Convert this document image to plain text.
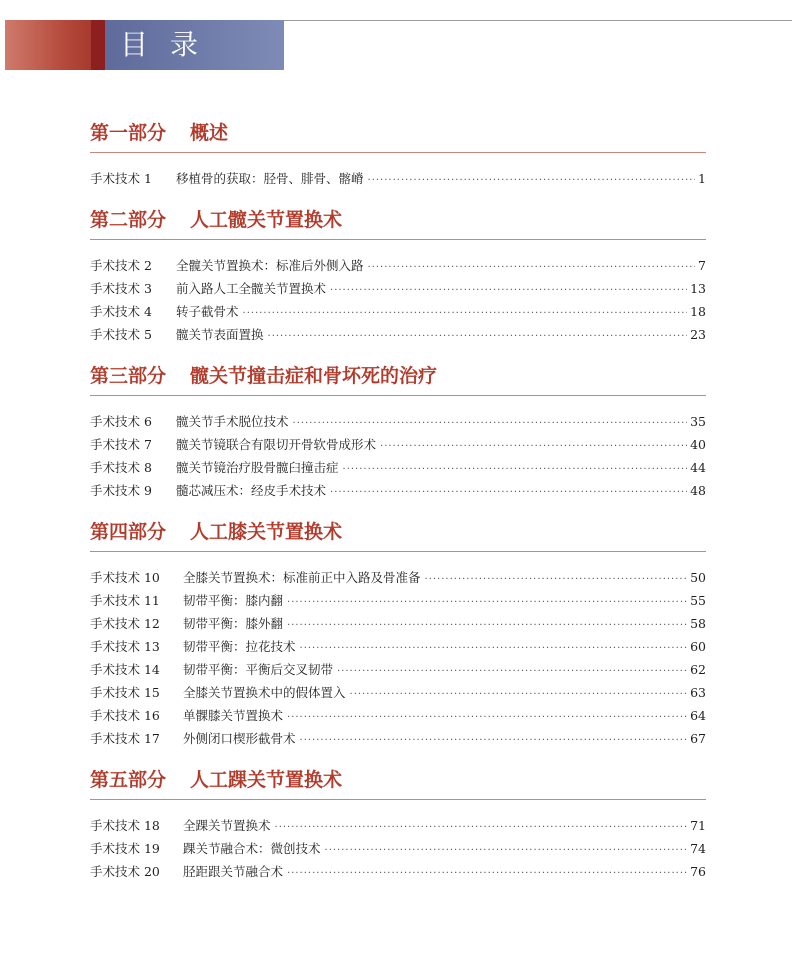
目录
第一部分 概述
手术技术 1	移植骨的获取：胫骨、腓骨、髂嵴 ·····	1
第二部分 人工髋关节置换术
手术技术 2	全髋关节置换术：标准后外侧入路 ·····	7
手术技术 3	前入路人工全髋关节置换术 ·····	13
手术技术 4	转子截骨术 ·····	18
手术技术 5	髋关节表面置换 ·····	23
第三部分 髋关节撞击症和骨坏死的治疗
手术技术 6	髋关节手术脱位技术 ·····	35
手术技术 7	髋关节镜联合有限切开骨软骨成形术 ·····	40
手术技术 8	髋关节镜治疗股骨髋臼撞击症 ·····	44
手术技术 9	髓芯减压术：经皮手术技术 ·····	48
第四部分 人工膝关节置换术
手术技术 10	全膝关节置换术：标准前正中入路及骨准备 ·····	50
手术技术 11	韧带平衡：膝内翻 ·····	55
手术技术 12	韧带平衡：膝外翻 ·····	58
手术技术 13	韧带平衡：拉花技术 ·····	60
手术技术 14	韧带平衡：平衡后交叉韧带 ·····	62
手术技术 15	全膝关节置换术中的假体置入 ·····	63
手术技术 16	单髁膝关节置换术 ·····	64
手术技术 17	外侧闭口楔形截骨术 ·····	67
第五部分 人工踝关节置换术
手术技术 18	全踝关节置换术 ·····	71
手术技术 19	踝关节融合术：微创技术 ·····	74
手术技术 20	胫距跟关节融合术 ·····	76
